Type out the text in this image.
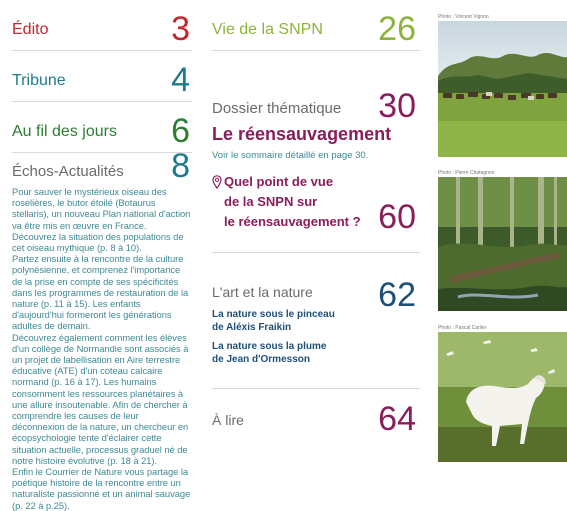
Édito	3
Tribune	4
Au fil des jours 6
Échos-Actualités 8

Pour sauver le mystérieux oiseau des roselières, le butor étoilé (Botaurus stellaris), un nouveau Plan national d'action va être mis en œuvre en France. Découvrez la situation des populations de cet oiseau mythique (p. 8 à 10).

Partez ensuite à la rencontre de la culture polynésienne, et comprenez l'importance de la prise en compte de ses spécificités dans les programmes de restauration de la nature (p. 11 à 15). Les enfants d'aujourd'hui formeront les générations adultes de demain.

Découvrez également comment les élèves d'un collège de Normandie sont associés à un projet de labellisation en Aire terrestre éducative (ATE) d'un coteau calcaire normand (p. 16 à 17). Les humains consomment les ressources planétaires à une allure insoutenable. Afin de chercher à comprendre les causes de leur déconnexion de la nature, un chercheur en écopsychologie tente d'éclairer cette situation actuelle, processus graduel né de notre histoire évolutive (p. 18 à 21).

Enfin le Courrier de Nature vous partage la poétique histoire de la rencontre entre un naturaliste passionné et un animal sauvage (p. 22 à p.25).

Vie de la SNPN 26
Dossier thématique 30
Le réensauvagement
Voir le sommaire détaillé en page 30.
Quel point de vue
de la SNPN sur
le réensauvagement ? 60
L'art et la nature 62
La nature sous le pinceau
de Aléxis Fraikin
La nature sous la plume
de Jean d'Ormesson
À lire	64
Photo : Vincent Vignon
Photo : Pierre Chatagnon
Photo : Pascal Carlier
